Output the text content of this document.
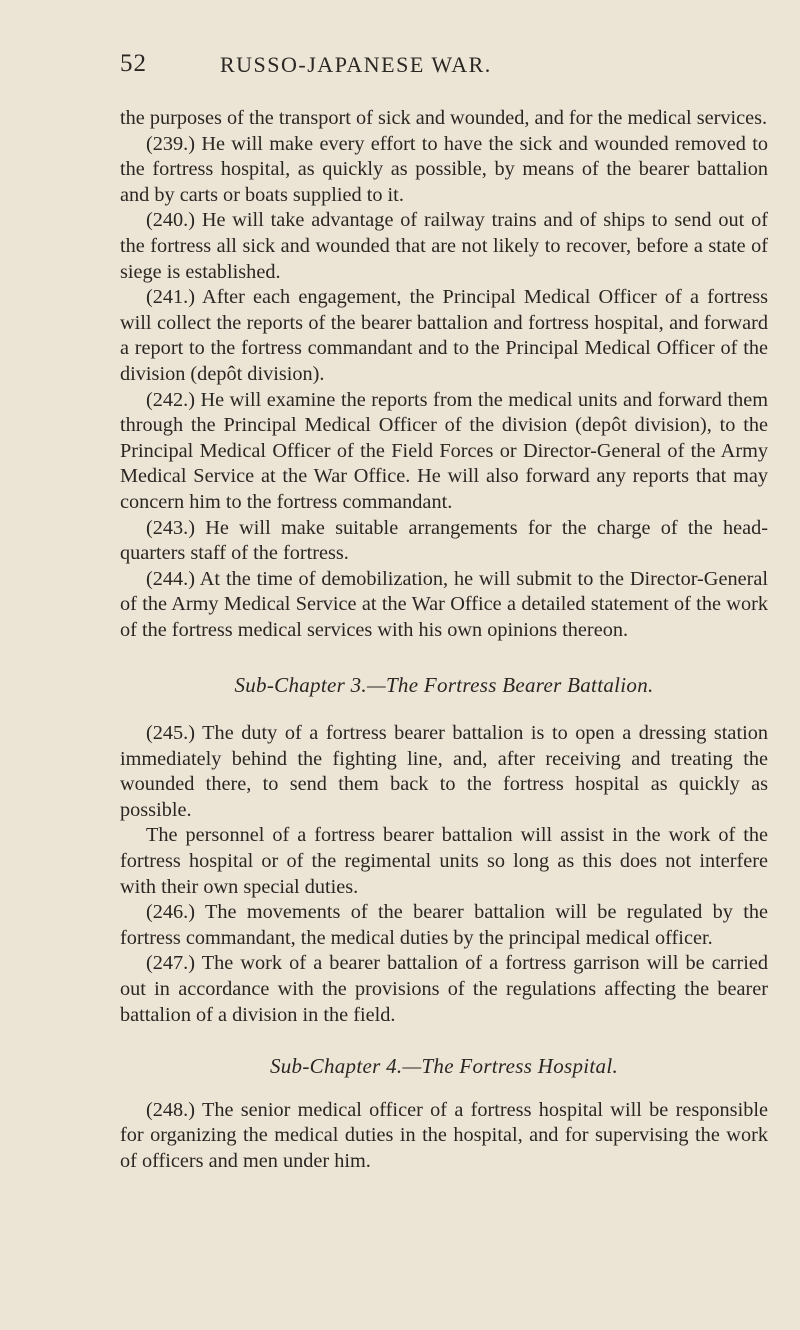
52	RUSSO-JAPANESE WAR.

the purposes of the transport of sick and wounded, and for the medical services.

(239.) He will make every effort to have the sick and wounded removed to the fortress hospital, as quickly as possible, by means of the bearer battalion and by carts or boats supplied to it.

(240.) He will take advantage of railway trains and of ships to send out of the fortress all sick and wounded that are not likely to recover, before a state of siege is established.

(241.) After each engagement, the Principal Medical Officer of a fortress will collect the reports of the bearer battalion and fortress hospital, and forward a report to the fortress commandant and to the Principal Medical Officer of the division (depôt division).

(242.) He will examine the reports from the medical units and forward them through the Principal Medical Officer of the division (depôt division), to the Principal Medical Officer of the Field Forces or Director-General of the Army Medical Service at the War Office. He will also forward any reports that may concern him to the fortress commandant.

(243.) He will make suitable arrangements for the charge of the head-quarters staff of the fortress.

(244.) At the time of demobilization, he will submit to the Director-General of the Army Medical Service at the War Office a detailed statement of the work of the fortress medical services with his own opinions thereon.

Sub-Chapter 3.—The Fortress Bearer Battalion.

(245.) The duty of a fortress bearer battalion is to open a dressing station immediately behind the fighting line, and, after receiving and treating the wounded there, to send them back to the fortress hospital as quickly as possible.

The personnel of a fortress bearer battalion will assist in the work of the fortress hospital or of the regimental units so long as this does not interfere with their own special duties.

(246.) The movements of the bearer battalion will be regulated by the fortress commandant, the medical duties by the principal medical officer.

(247.) The work of a bearer battalion of a fortress garrison will be carried out in accordance with the provisions of the regulations affecting the bearer battalion of a division in the field.

Sub-Chapter 4.—The Fortress Hospital.

(248.) The senior medical officer of a fortress hospital will be responsible for organizing the medical duties in the hospital, and for supervising the work of officers and men under him.
